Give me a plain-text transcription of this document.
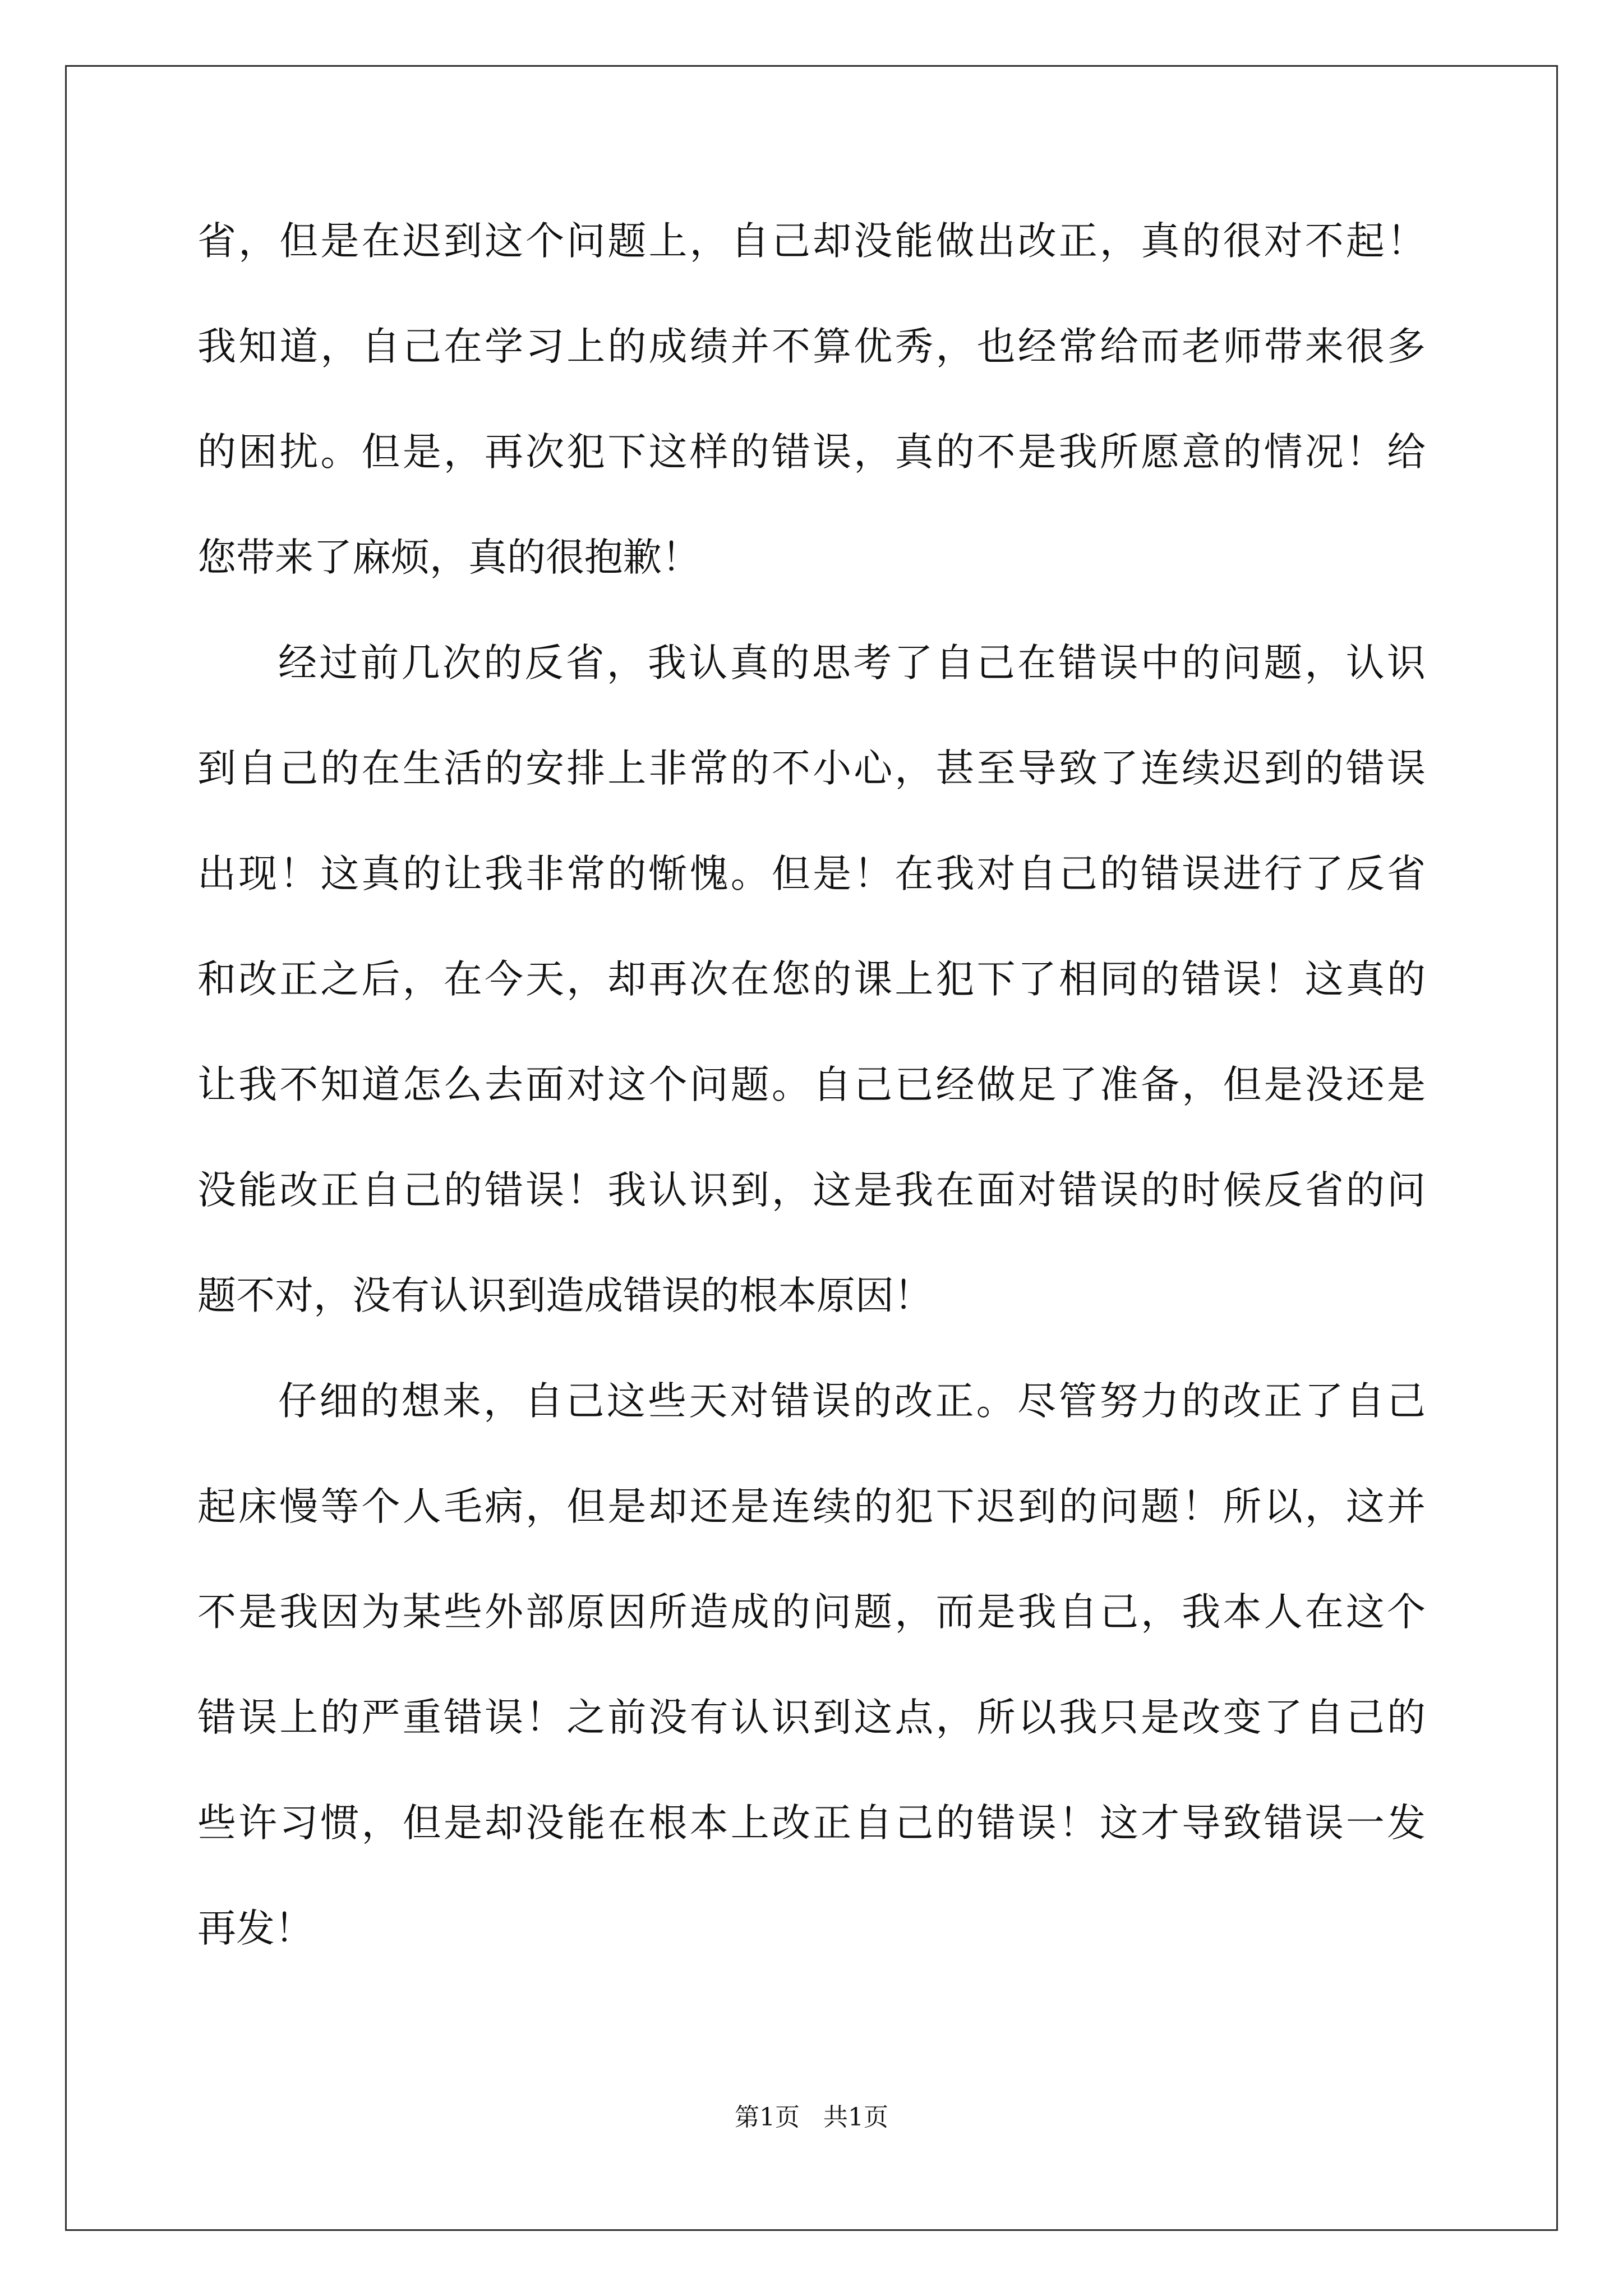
省，但是在迟到这个问题上，自己却没能做出改正，真的很对不起！
我知道，自己在学习上的成绩并不算优秀，也经常给而老师带来很多
的困扰。但是，再次犯下这样的错误，真的不是我所愿意的情况！给
您带来了麻烦，真的很抱歉！
经过前几次的反省，我认真的思考了自己在错误中的问题，认识
到自己的在生活的安排上非常的不小心，甚至导致了连续迟到的错误
出现！这真的让我非常的惭愧。但是！在我对自己的错误进行了反省
和改正之后，在今天，却再次在您的课上犯下了相同的错误！这真的
让我不知道怎么去面对这个问题。自己已经做足了准备，但是没还是
没能改正自己的错误！我认识到，这是我在面对错误的时候反省的问
题不对，没有认识到造成错误的根本原因！
仔细的想来，自己这些天对错误的改正。尽管努力的改正了自己
起床慢等个人毛病，但是却还是连续的犯下迟到的问题！所以，这并
不是我因为某些外部原因所造成的问题，而是我自己，我本人在这个
错误上的严重错误！之前没有认识到这点，所以我只是改变了自己的
些许习惯，但是却没能在根本上改正自己的错误！这才导致错误一发
再发！
第1页 共1页
